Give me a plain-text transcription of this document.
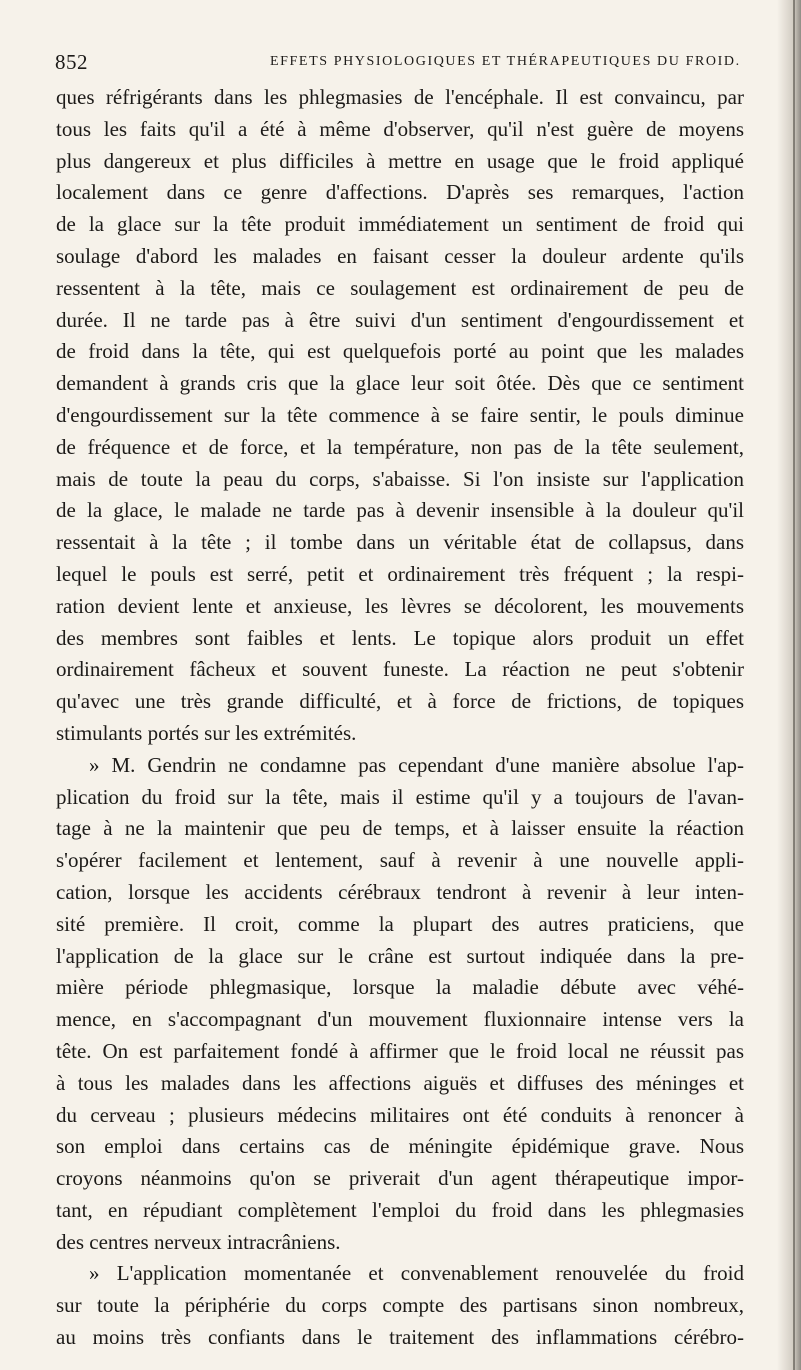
852	EFFETS PHYSIOLOGIQUES ET THÉRAPEUTIQUES DU FROID.
ques réfrigérants dans les phlegmasies de l'encéphale. Il est convaincu, par
tous les faits qu'il a été à même d'observer, qu'il n'est guère de moyens
plus dangereux et plus difficiles à mettre en usage que le froid appliqué
localement dans ce genre d'affections. D'après ses remarques, l'action
de la glace sur la tête produit immédiatement un sentiment de froid qui
soulage d'abord les malades en faisant cesser la douleur ardente qu'ils
ressentent à la tête, mais ce soulagement est ordinairement de peu de
durée. Il ne tarde pas à être suivi d'un sentiment d'engourdissement et
de froid dans la tête, qui est quelquefois porté au point que les malades
demandent à grands cris que la glace leur soit ôtée. Dès que ce sentiment
d'engourdissement sur la tête commence à se faire sentir, le pouls diminue
de fréquence et de force, et la température, non pas de la tête seulement,
mais de toute la peau du corps, s'abaisse. Si l'on insiste sur l'application
de la glace, le malade ne tarde pas à devenir insensible à la douleur qu'il
ressentait à la tête ; il tombe dans un véritable état de collapsus, dans
lequel le pouls est serré, petit et ordinairement très fréquent ; la respi-
ration devient lente et anxieuse, les lèvres se décolorent, les mouvements
des membres sont faibles et lents. Le topique alors produit un effet
ordinairement fâcheux et souvent funeste. La réaction ne peut s'obtenir
qu'avec une très grande difficulté, et à force de frictions, de topiques
stimulants portés sur les extrémités.
» M. Gendrin ne condamne pas cependant d'une manière absolue l'ap-
plication du froid sur la tête, mais il estime qu'il y a toujours de l'avan-
tage à ne la maintenir que peu de temps, et à laisser ensuite la réaction
s'opérer facilement et lentement, sauf à revenir à une nouvelle appli-
cation, lorsque les accidents cérébraux tendront à revenir à leur inten-
sité première. Il croit, comme la plupart des autres praticiens, que
l'application de la glace sur le crâne est surtout indiquée dans la pre-
mière période phlegmasique, lorsque la maladie débute avec véhé-
mence, en s'accompagnant d'un mouvement fluxionnaire intense vers la
tête. On est parfaitement fondé à affirmer que le froid local ne réussit pas
à tous les malades dans les affections aiguës et diffuses des méninges et
du cerveau ; plusieurs médecins militaires ont été conduits à renoncer à
son emploi dans certains cas de méningite épidémique grave. Nous
croyons néanmoins qu'on se priverait d'un agent thérapeutique impor-
tant, en répudiant complètement l'emploi du froid dans les phlegmasies
des centres nerveux intracrâniens.
» L'application momentanée et convenablement renouvelée du froid
sur toute la périphérie du corps compte des partisans sinon nombreux,
au moins très confiants dans le traitement des inflammations cérébro-
